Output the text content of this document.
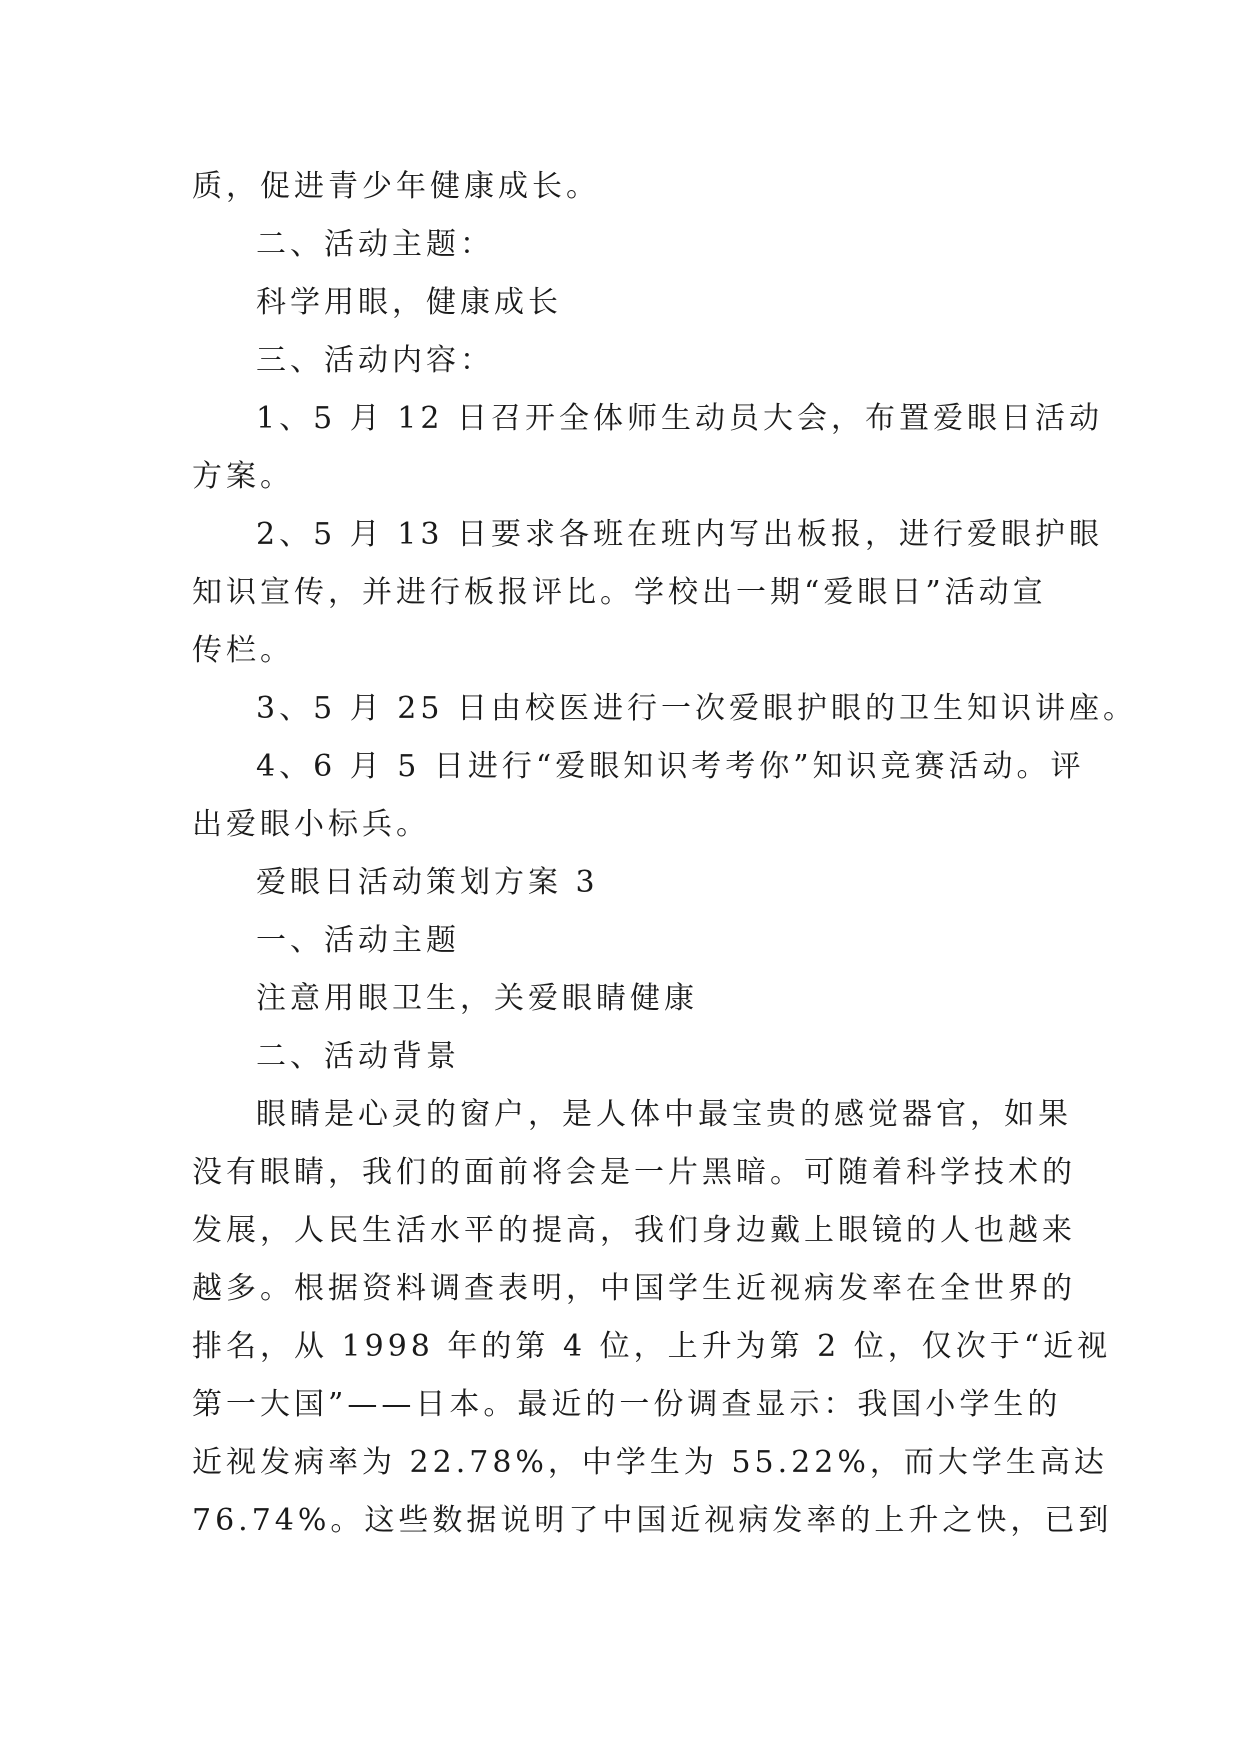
质，促进青少年健康成长。
二、活动主题：
科学用眼，健康成长
三、活动内容：
1、5 月 12 日召开全体师生动员大会，布置爱眼日活动
方案。
2、5 月 13 日要求各班在班内写出板报，进行爱眼护眼
知识宣传，并进行板报评比。学校出一期“爱眼日”活动宣
传栏。
3、5 月 25 日由校医进行一次爱眼护眼的卫生知识讲座。
4、6 月 5 日进行“爱眼知识考考你”知识竞赛活动。评
出爱眼小标兵。
爱眼日活动策划方案 3
一、活动主题
注意用眼卫生，关爱眼睛健康
二、活动背景
眼睛是心灵的窗户，是人体中最宝贵的感觉器官，如果
没有眼睛，我们的面前将会是一片黑暗。可随着科学技术的
发展，人民生活水平的提高，我们身边戴上眼镜的人也越来
越多。根据资料调查表明，中国学生近视病发率在全世界的
排名，从 1998 年的第 4 位，上升为第 2 位，仅次于“近视
第一大国”——日本。最近的一份调查显示：我国小学生的
近视发病率为 22.78%，中学生为 55.22%，而大学生高达
76.74%。这些数据说明了中国近视病发率的上升之快，已到
